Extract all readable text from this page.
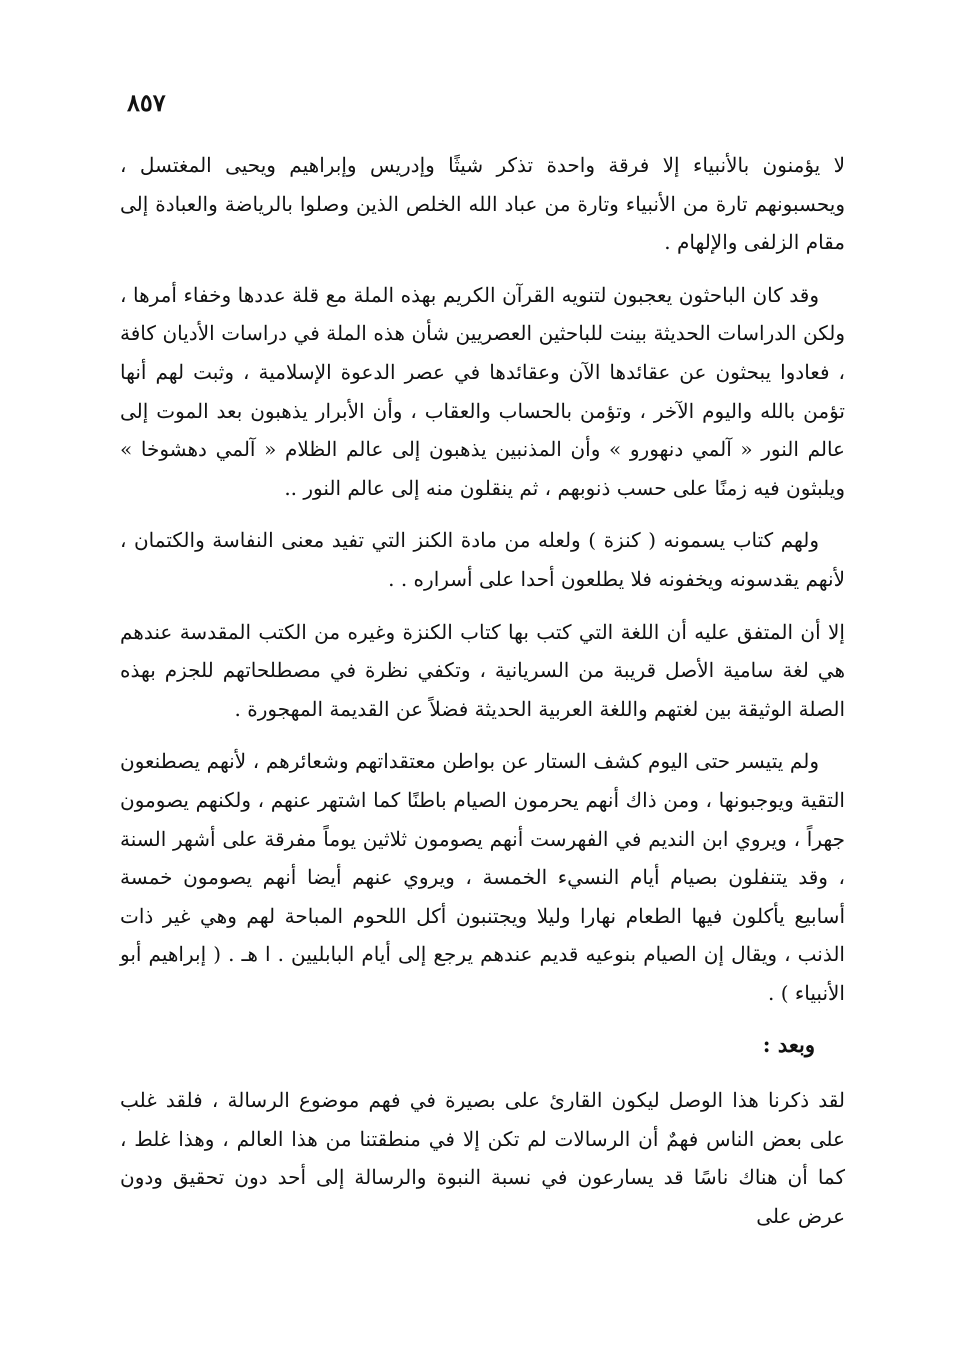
٨٥٧

لا يؤمنون بالأنبياء إلا فرقة واحدة تذكر شيثًا وإدريس وإبراهيم ويحيى المغتسل ، ويحسبونهم تارة من الأنبياء وتارة من عباد الله الخلص الذين وصلوا بالرياضة والعبادة إلى مقام الزلفى والإلهام .

وقد كان الباحثون يعجبون لتنويه القرآن الكريم بهذه الملة مع قلة عددها وخفاء أمرها ، ولكن الدراسات الحديثة بينت للباحثين العصريين شأن هذه الملة في دراسات الأديان كافة ، فعادوا يبحثون عن عقائدها الآن وعقائدها في عصر الدعوة الإسلامية ، وثبت لهم أنها تؤمن بالله واليوم الآخر ، وتؤمن بالحساب والعقاب ، وأن الأبرار يذهبون بعد الموت إلى عالم النور « آلمي دنهورو » وأن المذنبين يذهبون إلى عالم الظلام « آلمي دهشوخا » ويلبثون فيه زمنًا على حسب ذنوبهم ، ثم ينقلون منه إلى عالم النور ..

ولهم كتاب يسمونه ( كنزة ) ولعله من مادة الكنز التي تفيد معنى النفاسة والكتمان ، لأنهم يقدسونه ويخفونه فلا يطلعون أحدا على أسراره . .

إلا أن المتفق عليه أن اللغة التي كتب بها كتاب الكنزة وغيره من الكتب المقدسة عندهم هي لغة سامية الأصل قريبة من السريانية ، وتكفي نظرة في مصطلحاتهم للجزم بهذه الصلة الوثيقة بين لغتهم واللغة العربية الحديثة فضلاً عن القديمة المهجورة .

ولم يتيسر حتى اليوم كشف الستار عن بواطن معتقداتهم وشعائرهم ، لأنهم يصطنعون التقية ويوجبونها ، ومن ذاك أنهم يحرمون الصيام باطنًا كما اشتهر عنهم ، ولكنهم يصومون جهراً ، ويروي ابن النديم في الفهرست أنهم يصومون ثلاثين يوماً مفرقة على أشهر السنة ، وقد يتنفلون بصيام أيام النسيء الخمسة ، ويروي عنهم أيضا أنهم يصومون خمسة أسابيع يأكلون فيها الطعام نهارا وليلا ويجتنبون أكل اللحوم المباحة لهم وهي غير ذات الذنب ، ويقال إن الصيام بنوعيه قديم عندهم يرجع إلى أيام البابليين . ا هـ . ( إبراهيم أبو الأنبياء ) .

وبعد :

لقد ذكرنا هذا الوصل ليكون القارئ على بصيرة في فهم موضوع الرسالة ، فلقد غلب على بعض الناس فهمٌ أن الرسالات لم تكن إلا في منطقتنا من هذا العالم ، وهذا غلط ، كما أن هناك ناسًا قد يسارعون في نسبة النبوة والرسالة إلى أحد دون تحقيق ودون عرض على
